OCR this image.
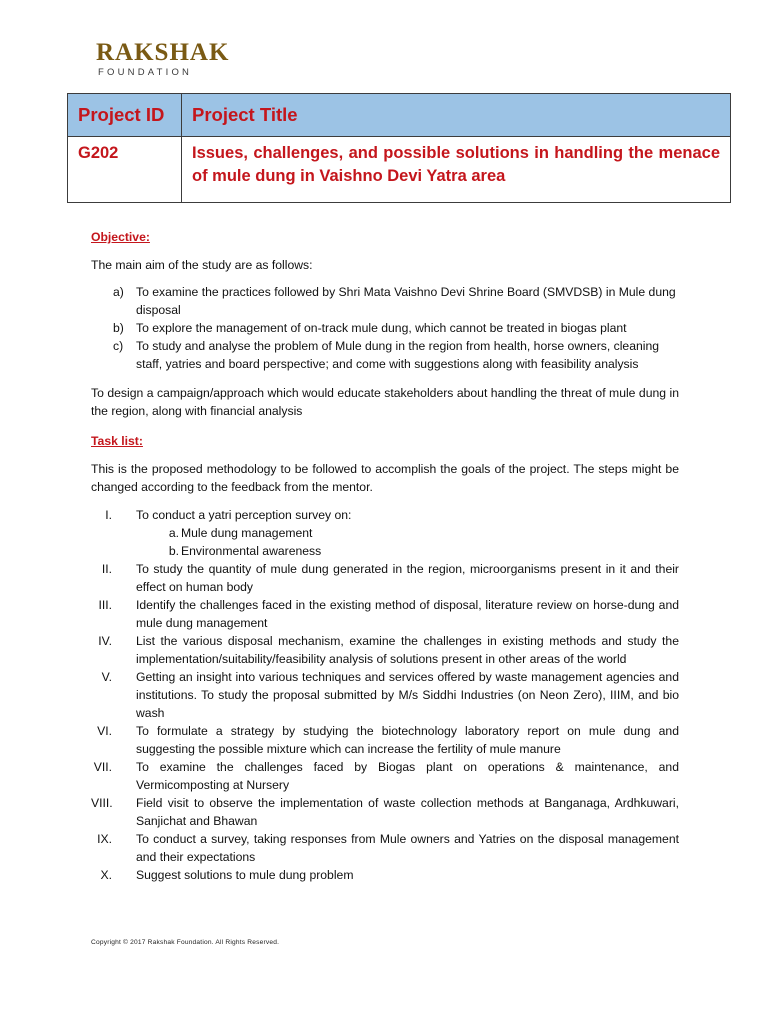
RAKSHAK
FOUNDATION
Project ID	Project Title
G202	Issues, challenges, and possible solutions in handling the menace of mule dung in Vaishno Devi Yatra area
Objective:

The main aim of the study are as follows:

a) To examine the practices followed by Shri Mata Vaishno Devi Shrine Board (SMVDSB) in Mule dung disposal
b) To explore the management of on-track mule dung, which cannot be treated in biogas plant
c) To study and analyse the problem of Mule dung in the region from health, horse owners, cleaning staff, yatries and board perspective; and come with suggestions along with feasibility analysis

To design a campaign/approach which would educate stakeholders about handling the threat of mule dung in the region, along with financial analysis

Task list:

This is the proposed methodology to be followed to accomplish the goals of the project. The steps might be changed according to the feedback from the mentor.

I. To conduct a yatri perception survey on:
a. Mule dung management
b. Environmental awareness
II. To study the quantity of mule dung generated in the region, microorganisms present in it and their effect on human body
III. Identify the challenges faced in the existing method of disposal, literature review on horse-dung and mule dung management
IV. List the various disposal mechanism, examine the challenges in existing methods and study the implementation/suitability/feasibility analysis of solutions present in other areas of the world
V. Getting an insight into various techniques and services offered by waste management agencies and institutions. To study the proposal submitted by M/s Siddhi Industries (on Neon Zero), IIIM, and bio wash
VI. To formulate a strategy by studying the biotechnology laboratory report on mule dung and suggesting the possible mixture which can increase the fertility of mule manure
VII. To examine the challenges faced by Biogas plant on operations & maintenance, and Vermicomposting at Nursery
VIII. Field visit to observe the implementation of waste collection methods at Banganaga, Ardhkuwari, Sanjichat and Bhawan
IX. To conduct a survey, taking responses from Mule owners and Yatries on the disposal management and their expectations
X. Suggest solutions to mule dung problem
Copyright © 2017 Rakshak Foundation. All Rights Reserved.
